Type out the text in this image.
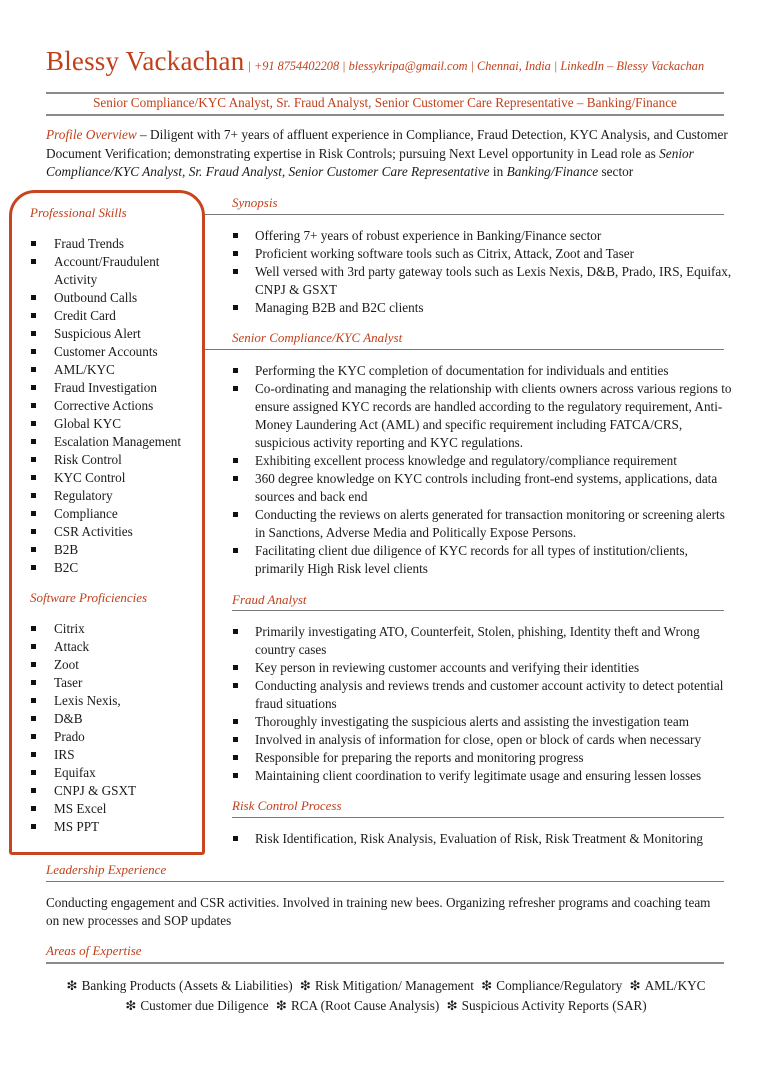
Blessy Vackachan | +91 8754402208 | blessykripa@gmail.com | Chennai, India | LinkedIn – Blessy Vackachan
Senior Compliance/KYC Analyst, Sr. Fraud Analyst, Senior Customer Care Representative – Banking/Finance
Profile Overview – Diligent with 7+ years of affluent experience in Compliance, Fraud Detection, KYC Analysis, and Customer Document Verification; demonstrating expertise in Risk Controls; pursuing Next Level opportunity in Lead role as Senior Compliance/KYC Analyst, Sr. Fraud Analyst, Senior Customer Care Representative in Banking/Finance sector
Professional Skills
Fraud Trends
Account/Fraudulent Activity
Outbound Calls
Credit Card
Suspicious Alert
Customer Accounts
AML/KYC
Fraud Investigation
Corrective Actions
Global KYC
Escalation Management
Risk Control
KYC Control
Regulatory
Compliance
CSR Activities
B2B
B2C
Software Proficiencies
Citrix
Attack
Zoot
Taser
Lexis Nexis,
D&B
Prado
IRS
Equifax
CNPJ & GSXT
MS Excel
MS PPT
Synopsis
Offering 7+ years of robust experience in Banking/Finance sector
Proficient working software tools such as Citrix, Attack, Zoot and Taser
Well versed with 3rd party gateway tools such as Lexis Nexis, D&B, Prado, IRS, Equifax, CNPJ & GSXT
Managing B2B and B2C clients
Senior Compliance/KYC Analyst
Performing the KYC completion of documentation for individuals and entities
Co-ordinating and managing the relationship with clients owners across various regions to ensure assigned KYC records are handled according to the regulatory requirement, Anti-Money Laundering Act (AML) and specific requirement including FATCA/CRS, suspicious activity reporting and KYC regulations.
Exhibiting excellent process knowledge and regulatory/compliance requirement
360 degree knowledge on KYC controls including front-end systems, applications, data sources and back end
Conducting the reviews on alerts generated for transaction monitoring or screening alerts in Sanctions, Adverse Media and Politically Expose Persons.
Facilitating client due diligence of KYC records for all types of institution/clients, primarily High Risk level clients
Fraud Analyst
Primarily investigating ATO, Counterfeit, Stolen, phishing, Identity theft and Wrong country cases
Key person in reviewing customer accounts and verifying their identities
Conducting analysis and reviews trends and customer account activity to detect potential fraud situations
Thoroughly investigating the suspicious alerts and assisting the investigation team
Involved in analysis of information for close, open or block of cards when necessary
Responsible for preparing the reports and monitoring progress
Maintaining client coordination to verify legitimate usage and ensuring lessen losses
Risk Control Process
Risk Identification, Risk Analysis, Evaluation of Risk, Risk Treatment & Monitoring
Leadership Experience
Conducting engagement and CSR activities. Involved in training new bees. Organizing refresher programs and coaching team on new processes and SOP updates
Areas of Expertise
❇ Banking Products (Assets & Liabilities) ❇ Risk Mitigation/ Management ❇ Compliance/Regulatory ❇ AML/KYC
❇ Customer due Diligence ❇ RCA (Root Cause Analysis) ❇ Suspicious Activity Reports (SAR)
